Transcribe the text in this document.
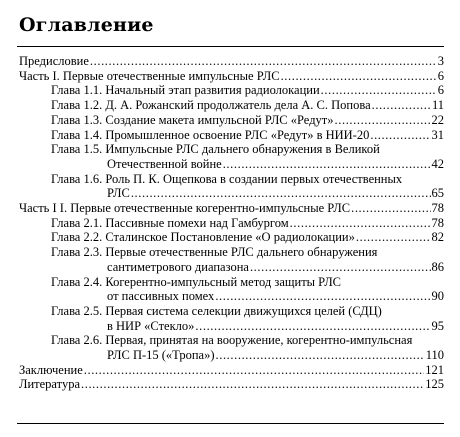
Оглавление
Предисловие .....	3
Часть I. Первые отечественные импульсные РЛС .....	6
Глава 1.1. Начальный этап развития радиолокации .....	6
Глава 1.2. Д. А. Рожанский продолжатель дела А. С. Попова .....	11
Глава 1.3. Создание макета импульсной РЛС «Редут» .....	22
Глава 1.4. Промышленное освоение РЛС «Редут» в НИИ-20 .....	31
Глава 1.5. Импульсные РЛС дальнего обнаружения в Великой
Отечественной войне .....	42
Глава 1.6. Роль П. К. Ощепкова в создании первых отечественных
РЛС .....	65
Часть I I. Первые отечественные когерентно-импульсные РЛС .....	78
Глава 2.1. Пассивные помехи над Гамбургом .....	78
Глава 2.2. Сталинское Постановление «О радиолокации» .....	82
Глава 2.3. Первые отечественные РЛС дальнего обнаружения
сантиметрового диапазона .....	86
Глава 2.4. Когерентно-импульсный метод защиты РЛС
от пассивных помех .....	90
Глава 2.5. Первая система селекции движущихся целей (СДЦ)
в НИР «Стекло» .....	95
Глава 2.6. Первая, принятая на вооружение, когерентно-импульсная
РЛС П-15 («Тропа») .....	110
Заключение .....	121
Литература .....	125
